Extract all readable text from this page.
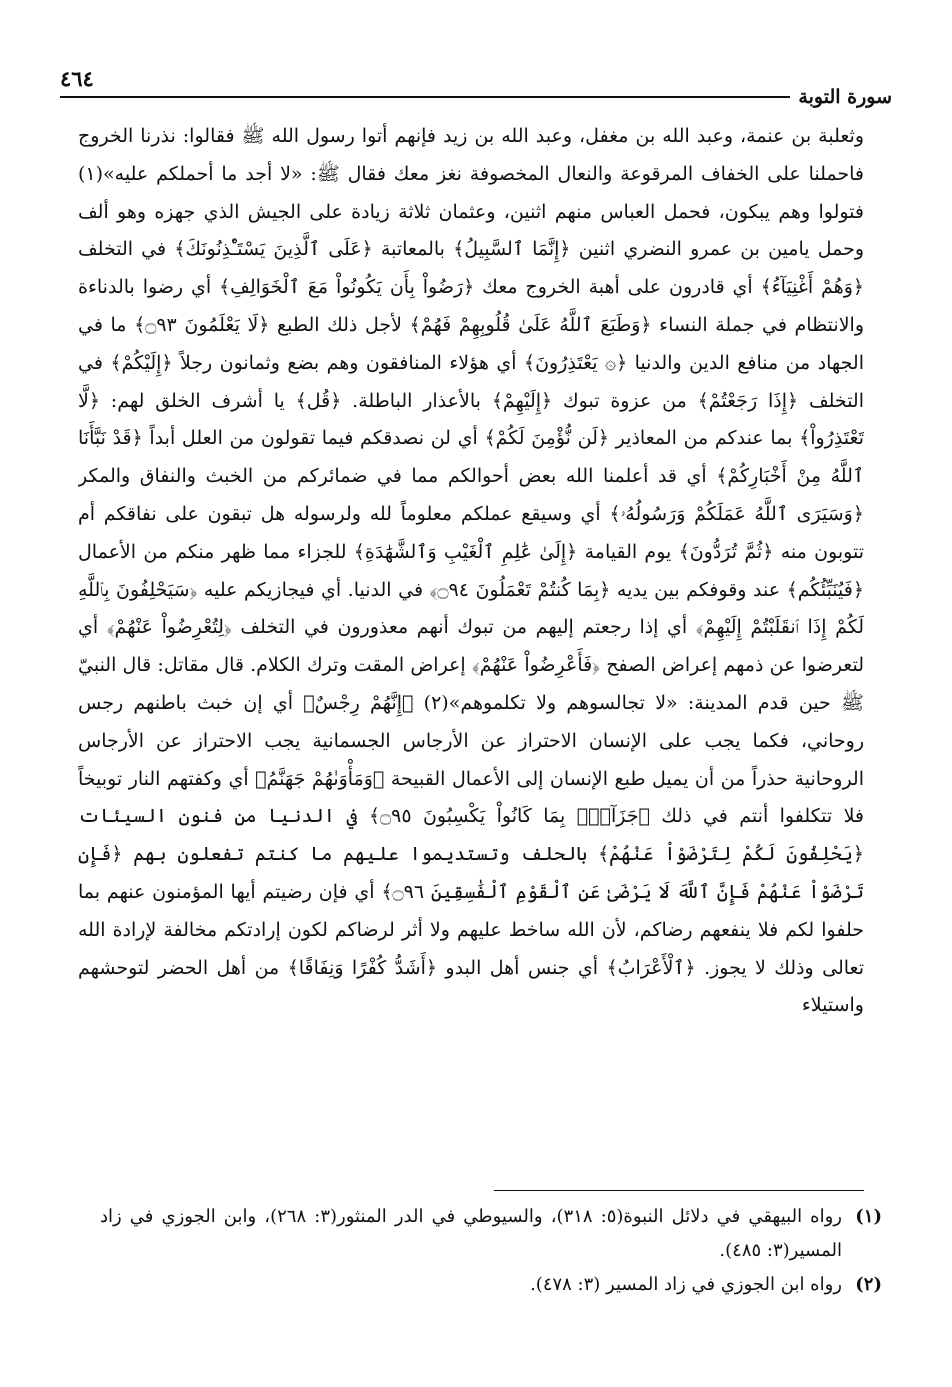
سورة التوبة
٤٦٤

وثعلبة بن عنمة، وعبد الله بن مغفل، وعبد الله بن زيد فإنهم أتوا رسول الله ﷺ فقالوا: نذرنا الخروج فاحملنا على الخفاف المرقوعة والنعال المخصوفة نغز معك فقال ﷺ: «لا أجد ما أحملكم عليه»(١) فتولوا وهم يبكون، فحمل العباس منهم اثنين، وعثمان ثلاثة زيادة على الجيش الذي جهزه وهو ألف وحمل يامين بن عمرو النضري اثنين ﴿إِنَّمَا ٱلسَّبِيلُ﴾ بالمعاتبة ﴿عَلَى ٱلَّذِينَ يَسْتَـْٔذِنُونَكَ﴾ في التخلف ﴿وَهُمْ أَغْنِيَآءُ﴾ أي قادرون على أهبة الخروج معك ﴿رَضُواْ بِأَن يَكُونُواْ مَعَ ٱلْخَوَالِفِ﴾ أي رضوا بالدناءة والانتظام في جملة النساء ﴿وَطَبَعَ ٱللَّهُ عَلَىٰ قُلُوبِهِمْ فَهُمْ﴾ لأجل ذلك الطبع ﴿لَا يَعْلَمُونَ ۝٩٣﴾ ما في الجهاد من منافع الدين والدنيا ﴿۞ يَعْتَذِرُونَ﴾ أي هؤلاء المنافقون وهم بضع وثمانون رجلاً ﴿إِلَيْكُمْ﴾ في التخلف ﴿إِذَا رَجَعْتُمْ﴾ من عزوة تبوك ﴿إِلَيْهِمْ﴾ بالأعذار الباطلة. ﴿قُل﴾ يا أشرف الخلق لهم: ﴿لَّا تَعْتَذِرُواْ﴾ بما عندكم من المعاذير ﴿لَن نُّؤْمِنَ لَكُمْ﴾ أي لن نصدقكم فيما تقولون من العلل أبداً ﴿قَدْ نَبَّأَنَا ٱللَّهُ مِنْ أَخْبَارِكُمْ﴾ أي قد أعلمنا الله بعض أحوالكم مما في ضمائركم من الخبث والنفاق والمكر ﴿وَسَيَرَى ٱللَّهُ عَمَلَكُمْ وَرَسُولُهُۥ﴾ أي وسيقع عملكم معلوماً لله ولرسوله هل تبقون على نفاقكم أم تتوبون منه ﴿ثُمَّ تُرَدُّونَ﴾ يوم القيامة ﴿إِلَىٰ عَٰلِمِ ٱلْغَيْبِ وَٱلشَّهَٰدَةِ﴾ للجزاء مما ظهر منكم من الأعمال ﴿فَيُنَبِّئُكُم﴾ عند وقوفكم بين يديه ﴿بِمَا كُنتُمْ تَعْمَلُونَ ۝٩٤﴾ في الدنيا. أي فيجازيكم عليه ﴿سَيَحْلِفُونَ بِٱللَّهِ لَكُمْ إِذَا ٱنقَلَبْتُمْ إِلَيْهِمْ﴾ أي إذا رجعتم إليهم من تبوك أنهم معذورون في التخلف ﴿لِتُعْرِضُواْ عَنْهُمْ﴾ أي لتعرضوا عن ذمهم إعراض الصفح ﴿فَأَعْرِضُواْ عَنْهُمْ﴾ إعراض المقت وترك الكلام. قال مقاتل: قال النبيّ ﷺ حين قدم المدينة: «لا تجالسوهم ولا تكلموهم»(٢) ﴿إِنَّهُمْ رِجْسٌ﴾ أي إن خبث باطنهم رجس روحاني، فكما يجب على الإنسان الاحتراز عن الأرجاس الجسمانية يجب الاحتراز عن الأرجاس الروحانية حذراً من أن يميل طبع الإنسان إلى الأعمال القبيحة ﴿وَمَأْوَىٰهُمْ جَهَنَّمُ﴾ أي وكفتهم النار توبيخاً فلا تتكلفوا أنتم في ذلك ﴿جَزَآءًۢ بِمَا كَانُواْ يَكْسِبُونَ ۝٩٥﴾ في الدنيا من فنون السيئات ﴿يَحْلِفُونَ لَكُمْ لِتَرْضَوْاْ عَنْهُمْ﴾ بالحلف وتستديموا عليهم ما كنتم تفعلون بهم ﴿فَإِن تَرْضَوْاْ عَنْهُمْ فَإِنَّ ٱللَّهَ لَا يَرْضَىٰ عَنِ ٱلْقَوْمِ ٱلْفَٰسِقِينَ ۝٩٦﴾ أي فإن رضيتم أيها المؤمنون عنهم بما حلفوا لكم فلا ينفعهم رضاكم، لأن الله ساخط عليهم ولا أثر لرضاكم لكون إرادتكم مخالفة لإرادة الله تعالى وذلك لا يجوز. ﴿ٱلْأَعْرَابُ﴾ أي جنس أهل البدو ﴿أَشَدُّ كُفْرًا وَنِفَاقًا﴾ من أهل الحضر لتوحشهم واستيلاء

(١)
رواه البيهقي في دلائل النبوة(٥: ٣١٨)، والسيوطي في الدر المنثور(٣: ٢٦٨)، وابن الجوزي في زاد المسير(٣: ٤٨٥).
(٢)
رواه ابن الجوزي في زاد المسير (٣: ٤٧٨).
